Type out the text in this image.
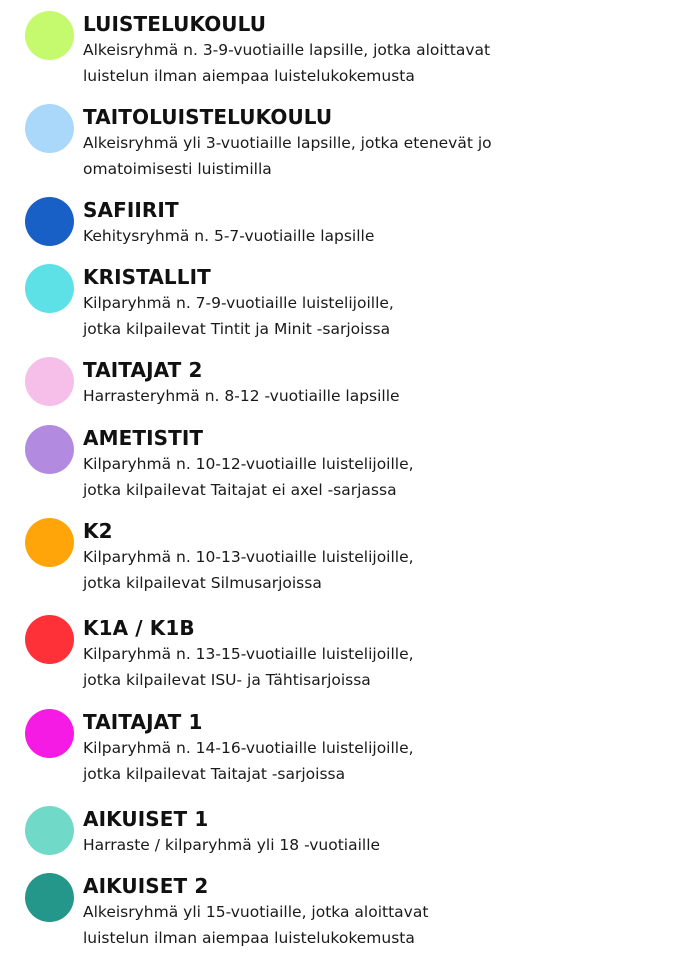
LUISTELUKOULU
Alkeisryhmä n. 3-9-vuotiaille lapsille, jotka aloittavat
luistelun ilman aiempaa luistelukokemusta
TAITOLUISTELUKOULU
Alkeisryhmä yli 3-vuotiaille lapsille, jotka etenevät jo
omatoimisesti luistimilla
SAFIIRIT
Kehitysryhmä n. 5-7-vuotiaille lapsille
KRISTALLIT
Kilparyhmä n. 7-9-vuotiaille luistelijoille,
jotka kilpailevat Tintit ja Minit -sarjoissa
TAITAJAT 2
Harrasteryhmä n. 8-12 -vuotiaille lapsille
AMETISTIT
Kilparyhmä n. 10-12-vuotiaille luistelijoille,
jotka kilpailevat Taitajat ei axel -sarjassa
K2
Kilparyhmä n. 10-13-vuotiaille luistelijoille,
jotka kilpailevat Silmusarjoissa
K1A / K1B
Kilparyhmä n. 13-15-vuotiaille luistelijoille,
jotka kilpailevat ISU- ja Tähtisarjoissa
TAITAJAT 1
Kilparyhmä n. 14-16-vuotiaille luistelijoille,
jotka kilpailevat Taitajat -sarjoissa
AIKUISET 1
Harraste / kilparyhmä yli 18 -vuotiaille
AIKUISET 2
Alkeisryhmä yli 15-vuotiaille, jotka aloittavat
luistelun ilman aiempaa luistelukokemusta
